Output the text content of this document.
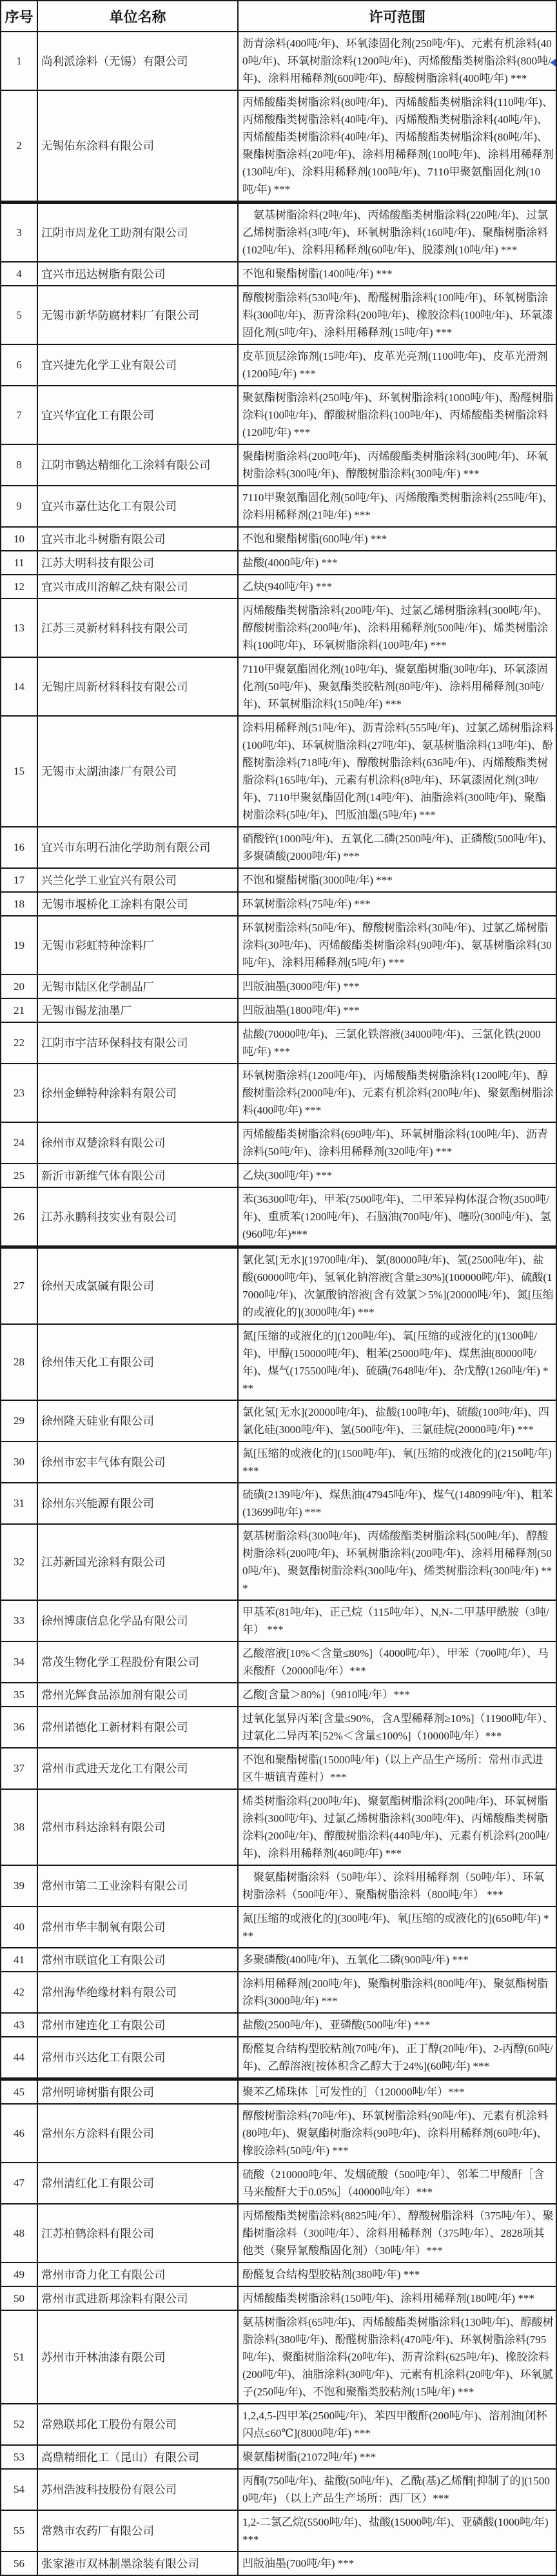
序号	单位名称	许可范围
1	尚利派涂料（无锡）有限公司	沥青涂料(400吨/年)、环氧漆固化剂(250吨/年)、元素有机涂料(400吨/年)、环氧树脂涂料(1200吨/年)、丙烯酸酯类树脂涂料(800吨/年)、涂料用稀释剂(600吨/年)、醇酸树脂涂料(400吨/年) ***

2	无锡佑东涂料有限公司	丙烯酸酯类树脂涂料(80吨/年)、丙烯酸酯类树脂涂料(110吨/年)、丙烯酸酯类树脂涂料(40吨/年)、丙烯酸酯类树脂涂料(40吨/年)、丙烯酸酯类树脂涂料(40吨/年)、丙烯酸酯类树脂涂料(80吨/年)、聚酯树脂涂料(20吨/年)、涂料用稀释剂(100吨/年)、涂料用稀释剂(130吨/年)、涂料用稀释剂(100吨/年)、7110甲聚氨酯固化剂(10吨/年) ***
3	江阴市周龙化工助剂有限公司	　氨基树脂涂料(2吨/年)、丙烯酸酯类树脂涂料(220吨/年)、过氯乙烯树脂涂料(3吨/年)、环氧树脂涂料(160吨/年)、聚酯树脂涂料(102吨/年)、涂料用稀释剂(60吨/年)、脱漆剂(10吨/年) ***
4	宜兴市迅达树脂有限公司	不饱和聚酯树脂(1400吨/年) ***
5	无锡市新华防腐材料厂有限公司	醇酸树脂涂料(530吨/年)、酚醛树脂涂料(100吨/年)、环氧树脂涂料(300吨/年)、沥青涂料(200吨/年)、橡胶涂料(100吨/年)、环氧漆固化剂(5吨/年)、涂料用稀释剂(15吨/年) ***
6	宜兴捷先化学工业有限公司	皮革顶层涂饰剂(15吨/年)、皮革光亮剂(1100吨/年)、皮革光滑剂(1200吨/年) ***
7	宜兴华宜化工有限公司	聚氨酯树脂涂料(250吨/年)、环氧树脂涂料(1000吨/年)、酚醛树脂涂料(100吨/年)、醇酸树脂涂料(100吨/年)、丙烯酸酯类树脂涂料(120吨/年) ***
8	江阴市鹤达精细化工涂料有限公司	聚酯树脂涂料(200吨/年)、丙烯酸酯类树脂涂料(300吨/年)、环氧树脂涂料(300吨/年)、醇酸树脂涂料(300吨/年) ***
9	宜兴市嘉仕达化工有限公司	7110甲聚氨酯固化剂(50吨/年)、丙烯酸酯类树脂涂料(255吨/年)、涂料用稀释剂(21吨/年) ***
10	宜兴市北斗树脂有限公司	不饱和聚酯树脂(600吨/年) ***
11	江苏大明科技有限公司	盐酸(4000吨/年) ***
12	宜兴市成川溶解乙炔有限公司	乙炔(940吨/年) ***
13	江苏三灵新材料科技有限公司	丙烯酸酯类树脂涂料(200吨/年)、过氯乙烯树脂涂料(300吨/年)、醇酸树脂涂料(200吨/年)、涂料用稀释剂(500吨/年)、烯类树脂涂料(100吨/年)、环氧树脂涂料(100吨/年) ***
14	无锡庄周新材料科技有限公司	7110甲聚氨酯固化剂(10吨/年)、聚氨酯树脂(30吨/年)、环氧漆固化剂(50吨/年)、聚氨酯类胶粘剂(80吨/年)、涂料用稀释剂(30吨/年)、环氧树脂涂料(150吨/年) ***
15	无锡市太湖油漆厂有限公司	涂料用稀释剂(51吨/年)、沥青涂料(555吨/年)、过氯乙烯树脂涂料(100吨/年)、环氧树脂涂料(27吨/年)、氨基树脂涂料(13吨/年)、酚醛树脂涂料(718吨/年)、醇酸树脂涂料(636吨/年)、丙烯酸酯类树脂涂料(165吨/年)、元素有机涂料(8吨/年)、环氧漆固化剂(3吨/年)、7110甲聚氨酯固化剂(14吨/年)、油脂涂料(300吨/年)、聚酯树脂涂料(5吨/年)、凹版油墨(5吨/年) ***
16	宜兴市东明石油化学助剂有限公司	硝酸锌(1000吨/年)、五氧化二磷(2500吨/年)、正磷酸(500吨/年)、多聚磷酸(2000吨/年) ***
17	兴兰化学工业宜兴有限公司	不饱和聚酯树脂(3000吨/年) ***
18	无锡市堰桥化工涂料有限公司	环氧树脂涂料(75吨/年) ***
19	无锡市彩虹特种涂料厂	环氧树脂涂料(50吨/年)、醇酸树脂涂料(30吨/年)、过氯乙烯树脂涂料(30吨/年)、丙烯酸酯类树脂涂料(90吨/年)、氨基树脂涂料(30吨/年)、涂料用稀释剂(5吨/年) ***
20	无锡市陆区化学制品厂	凹版油墨(3000吨/年) ***
21	无锡市锡龙油墨厂	凹版油墨(1800吨/年) ***
22	江阴市宇洁环保科技有限公司	盐酸(70000吨/年)、三氯化铁溶液(34000吨/年)、三氯化铁(2000吨/年) ***
23	徐州金蝉特种涂料有限公司	环氧树脂涂料(1200吨/年)、丙烯酸酯类树脂涂料(1200吨/年)、醇酸树脂涂料(2000吨/年)、元素有机涂料(200吨/年)、聚氨酯树脂涂料(400吨/年) ***
24	徐州市双楚涂料有限公司	丙烯酸酯类树脂涂料(690吨/年)、环氧树脂涂料(100吨/年)、沥青涂料(50吨/年)、涂料用稀释剂(320吨/年) ***
25	新沂市新维气体有限公司	乙炔(300吨/年) ***
26	江苏永鹏科技实业有限公司	苯(36300吨/年)、甲苯(7500吨/年)、二甲苯异构体混合物(3500吨/年)、重质苯(1200吨/年)、石脑油(700吨/年)、噻吩(300吨/年)、氢(960吨/年)***
27	徐州天成氯碱有限公司	氯化氢[无水](19700吨/年)、氯(80000吨/年)、氢(2500吨/年)、盐酸(60000吨/年)、氢氧化钠溶液[含量≥30%](100000吨/年)、硫酸(17000吨/年)、次氯酸钠溶液[含有效氯＞5%](20000吨/年)、氮[压缩的或液化的](3000吨/年) ***
28	徐州伟天化工有限公司	氮[压缩的或液化的](1200吨/年)、氧[压缩的或液化的](1300吨/年)、甲醇(150000吨/年)、粗苯(25000吨/年)、煤焦油(80000吨/年)、煤气(175500吨/年)、硫磺(7648吨/年)、杂戊醇(1260吨/年) ***
29	徐州隆天硅业有限公司	氯化氢[无水](20000吨/年)、盐酸(100吨/年)、硫酸(100吨/年)、四氯化硅(3000吨/年)、氢(500吨/年)、三氯硅烷(20000吨/年) ***
30	徐州市宏丰气体有限公司	氮[压缩的或液化的](1500吨/年)、氧[压缩的或液化的](2150吨/年) ***
31	徐州东兴能源有限公司	硫磺(2139吨/年)、煤焦油(47945吨/年)、煤气(148099吨/年)、粗苯(13699吨/年) ***
32	江苏新国光涂料有限公司	氨基树脂涂料(300吨/年)、丙烯酸酯类树脂涂料(500吨/年)、醇酸树脂涂料(200吨/年)、环氧树脂涂料(200吨/年)、涂料用稀释剂(500吨/年)、聚氨酯树脂涂料(300吨/年)、烯类树脂涂料(300吨/年) ***
33	徐州博康信息化学品有限公司	甲基苯(81吨/年)、正己烷（115吨/年）、N,N-二甲基甲酰胺（3吨/年） ***
34	常茂生物化学工程股份有限公司	乙酸溶液[10%＜含量≤80%]（4000吨/年）、甲苯（700吨/年）、马来酸酐（20000吨/年）***
35	常州光辉食品添加剂有限公司	乙酸[含量＞80%]（9810吨/年）***
36	常州诺德化工新材料有限公司	过氧化氢异丙苯[含量≤90%，含A型稀释剂≥10%]（11900吨/年）、过氧化二异丙苯[52%＜含量≤100%]（10000吨/年）***
37	常州市武进天龙化工有限公司	不饱和聚酯树脂(15000吨/年)（以上产品生产场所：常州市武进区牛塘镇青莲村）***
38	常州市科达涂料有限公司	烯类树脂涂料(200吨/年)、聚氨酯树脂涂料(200吨/年)、环氧树脂涂料(300吨/年)、过氯乙烯树脂涂料(300吨/年)、丙烯酸酯类树脂涂料(200吨/年)、醇酸树脂涂料(440吨/年)、元素有机涂料(200吨/年)、涂料用稀释剂(460吨/年) ***
39	常州市第二工业涂料有限公司	　聚氨酯树脂涂料（50吨/年）、涂料用稀释剂（50吨/年）、环氧树脂涂料（500吨/年）、聚酯树脂涂料（800吨/年） ***
40	常州市华丰制氧有限公司	氮[压缩的或液化的](300吨/年)、氧[压缩的或液化的](650吨/年) ***
41	常州市联谊化工有限公司	多聚磷酸(400吨/年)、五氧化二磷(900吨/年) ***
42	常州海华绝缘材料有限公司	涂料用稀释剂(200吨/年)、聚酯树脂涂料(800吨/年)、聚氨酯树脂涂料(3000吨/年) ***
43	常州市建连化工有限公司	盐酸(2500吨/年)、亚磷酸(500吨/年) ***
44	常州市兴达化工有限公司	酚醛复合结构型胶粘剂(70吨/年)、正丁醇(20吨/年)、2-丙醇(60吨/年)、乙醇溶液[按体积含乙醇大于24%](60吨/年) ***
45	常州明谛树脂有限公司	聚苯乙烯珠体［可发性的］（120000吨/年）***
46	常州东方涂料有限公司	醇酸树脂涂料(70吨/年)、环氧树脂涂料(90吨/年)、元素有机涂料(80吨/年)、聚氨酯树脂涂料(90吨/年)、涂料用稀释剂(60吨/年)、橡胶涂料(50吨/年) ***
47	常州清红化工有限公司	硫酸（210000吨/年、发烟硫酸（500吨/年）、邻苯二甲酸酐［含马来酸酐大于0.05%］（40000吨/年）***
48	江苏柏鹤涂料有限公司	丙烯酸酯类树脂涂料(8825吨/年）、醇酸树脂涂料（375吨/年）、聚酯树脂涂料（300吨/年）、涂料用稀释剂（375吨/年）、2828项其他类（聚异氰酸酯固化剂）（30吨/年）***
49	常州市奇力化工有限公司	酚醛复合结构型胶粘剂(380吨/年) ***
50	常州市武进新邦涂料有限公司	丙烯酸酯类树脂涂料(150吨/年)、涂料用稀释剂(180吨/年) ***
51	苏州市开林油漆有限公司	氨基树脂涂料(65吨/年)、丙烯酸酯类树脂涂料(130吨/年)、醇酸树脂涂料(380吨/年)、酚醛树脂涂料(470吨/年)、环氧树脂涂料(795吨/年)、聚酯树脂涂料(20吨/年)、沥青涂料(625吨/年)、橡胶涂料(200吨/年)、油脂涂料(30吨/年)、元素有机涂料(20吨/年)、环氧腻子(250吨/年)、不饱和聚酯类胶粘剂(15吨/年) ***
52	常熟联邦化工股份有限公司	1,2,4,5-四甲苯(2500吨/年)、苯四甲酸酐(200吨/年)、溶剂油[闭杯闪点≤60℃](8000吨/年) ***
53	高鼎精细化工（昆山）有限公司	聚氨酯树脂(21072吨/年) ***
54	苏州浩波科技股份有限公司	丙酮(750吨/年)、盐酸(50吨/年)、乙酰(基)乙烯酮[抑制了的](15000吨/年) （以上产品生产场所：西厂区）***
55	常熟市农药厂有限公司	1,2-二氯乙烷(5500吨/年)、盐酸(15000吨/年)、亚磷酸(1000吨/年) ***
56	张家港市双林制墨涂装有限公司	凹版油墨(700吨/年) ***
